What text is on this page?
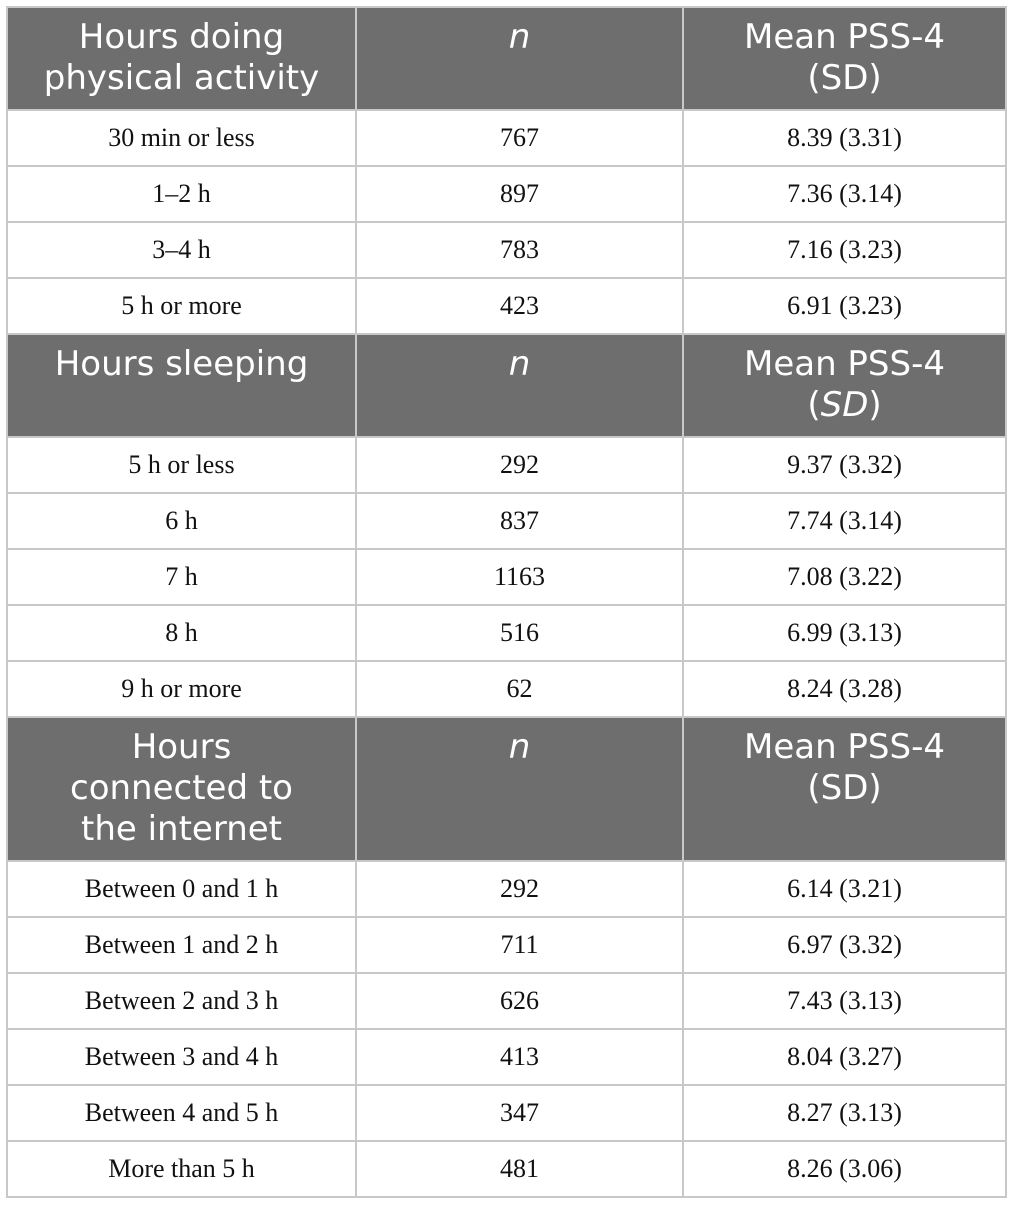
Hours doing physical activity	n	Mean PSS-4
(SD)

30 min or less	767	8.39 (3.31)
1–2 h	897	7.36 (3.14)
3–4 h	783	7.16 (3.23)
5 h or more	423	6.91 (3.23)
Hours sleeping	n	Mean PSS-4
(SD)

5 h or less	292	9.37 (3.32)
6 h	837	7.74 (3.14)
7 h	1163	7.08 (3.22)
8 h	516	6.99 (3.13)
9 h or more	62	8.24 (3.28)
Hours connected to the internet	n	Mean PSS-4
(SD)

Between 0 and 1 h	292	6.14 (3.21)
Between 1 and 2 h	711	6.97 (3.32)
Between 2 and 3 h	626	7.43 (3.13)
Between 3 and 4 h	413	8.04 (3.27)
Between 4 and 5 h	347	8.27 (3.13)
More than 5 h	481	8.26 (3.06)
